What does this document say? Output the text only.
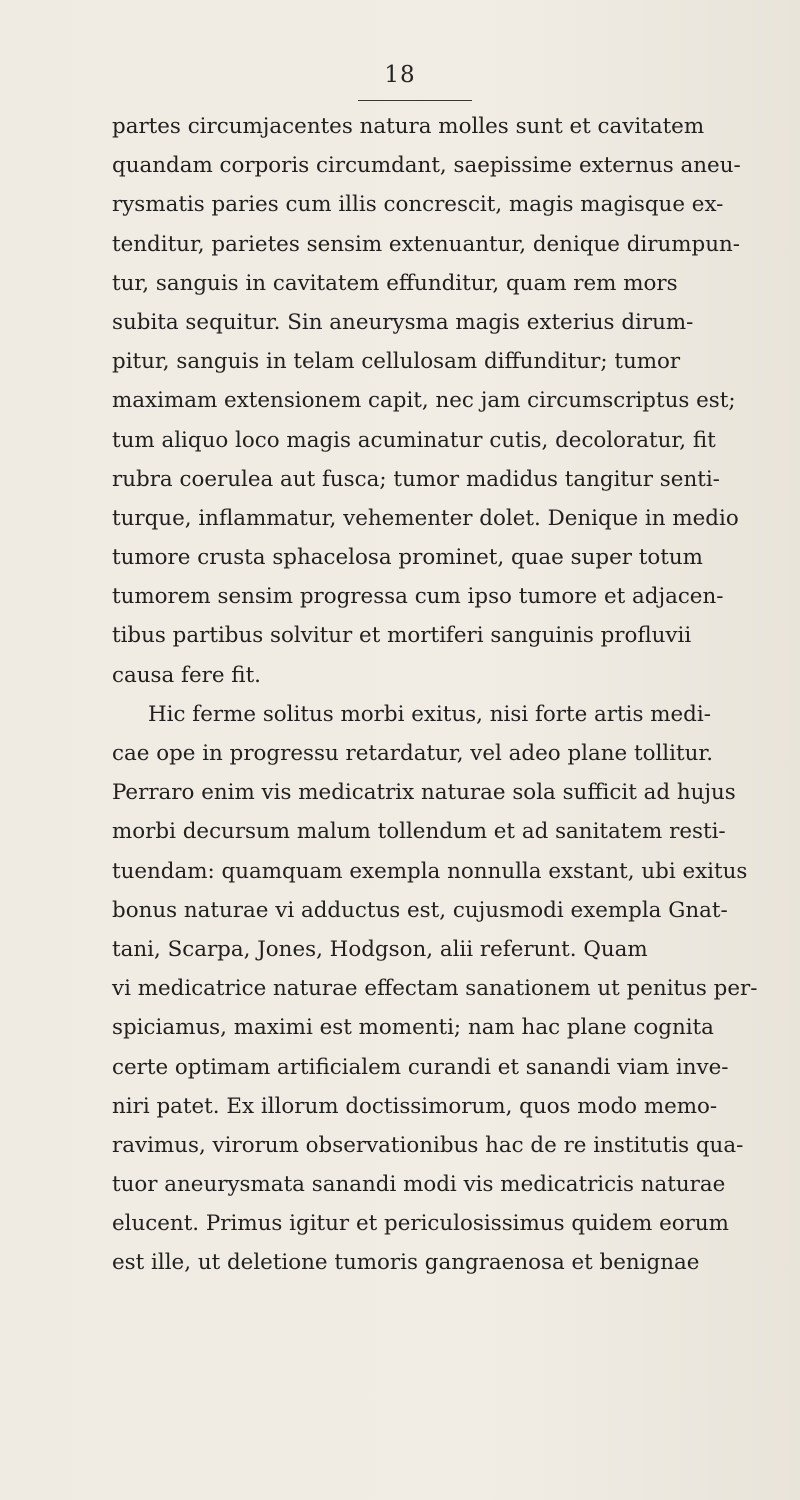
18
partes circumjacentes natura molles sunt et cavitatem
quandam corporis circumdant, saepissime externus aneu-
rysmatis paries cum illis concrescit, magis magisque ex-
tenditur, parietes sensim extenuantur, denique dirumpun-
tur, sanguis in cavitatem effunditur, quam rem mors
subita sequitur. Sin aneurysma magis exterius dirum-
pitur, sanguis in telam cellulosam diffunditur; tumor
maximam extensionem capit, nec jam circumscriptus est;
tum aliquo loco magis acuminatur cutis, decoloratur, fit
rubra coerulea aut fusca; tumor madidus tangitur senti-
turque, inflammatur, vehementer dolet. Denique in medio
tumore crusta sphacelosa prominet, quae super totum
tumorem sensim progressa cum ipso tumore et adjacen-
tibus partibus solvitur et mortiferi sanguinis profluvii
causa fere fit.
Hic ferme solitus morbi exitus, nisi forte artis medi-
cae ope in progressu retardatur, vel adeo plane tollitur.
Perraro enim vis medicatrix naturae sola sufficit ad hujus
morbi decursum malum tollendum et ad sanitatem resti-
tuendam: quamquam exempla nonnulla exstant, ubi exitus
bonus naturae vi adductus est, cujusmodi exempla Gnat-
tani, Scarpa, Jones, Hodgson, alii referunt. Quam
vi medicatrice naturae effectam sanationem ut penitus per-
spiciamus, maximi est momenti; nam hac plane cognita
certe optimam artificialem curandi et sanandi viam inve-
niri patet. Ex illorum doctissimorum, quos modo memo-
ravimus, virorum observationibus hac de re institutis qua-
tuor aneurysmata sanandi modi vis medicatricis naturae
elucent. Primus igitur et periculosissimus quidem eorum
est ille, ut deletione tumoris gangraenosa et benignae
